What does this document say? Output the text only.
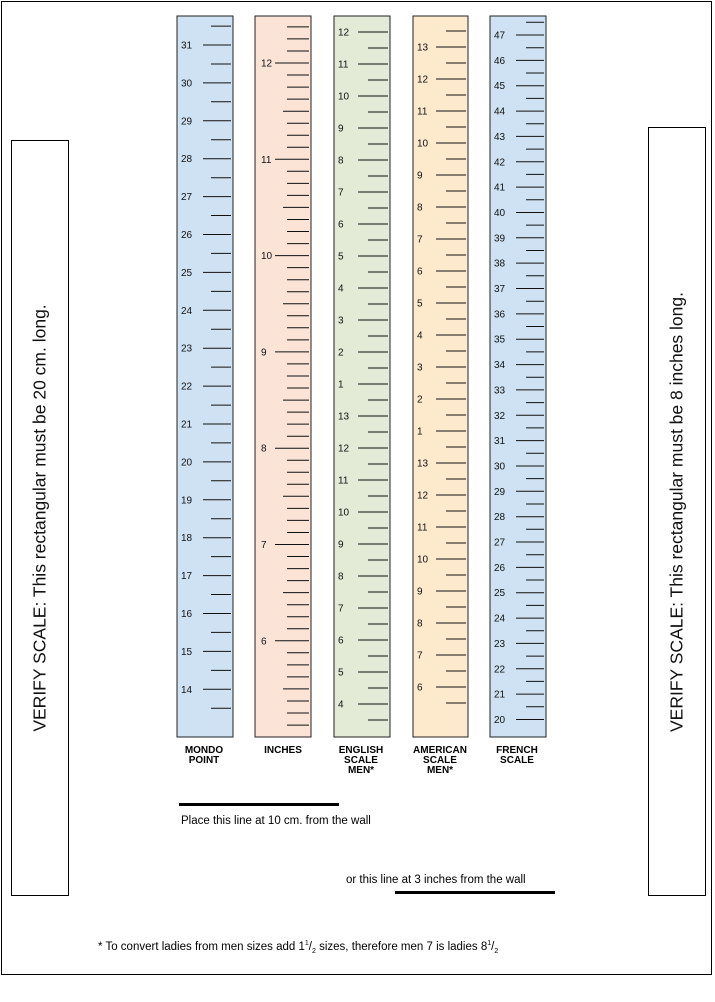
VERIFY SCALE: This rectangular must be 20 cm. long.	VERIFY SCALE: This rectangular must be 8 inches long.
31
30
29
28
27
26
25
24
23
22
21
20
19
18
17
16
15
14
12
11
10
9
8
7
6
12
11
10
9
8
7
6
5
4
3
2
1
13
12
11
10
9
8
7
6
5
4
13
12
11
10
9
8
7
6
5
4
3
2
1
13
12
11
10
9
8
7
6
47
46
45
44
43
42
41
40
39
38
37
36
35
34
33
32
31
30
29
28
27
26
25
24
23
22
21
20
MONDO
POINT
INCHES	ENGLISH
SCALE
MEN*
AMERICAN
SCALE
MEN*
FRENCH
SCALE
Place this line at 10 cm. from the wall
or this line at 3 inches from the wall
* To convert ladies from men sizes add $1^1/_2$ sizes, therefore men 7 is ladies $8^1/_2$
